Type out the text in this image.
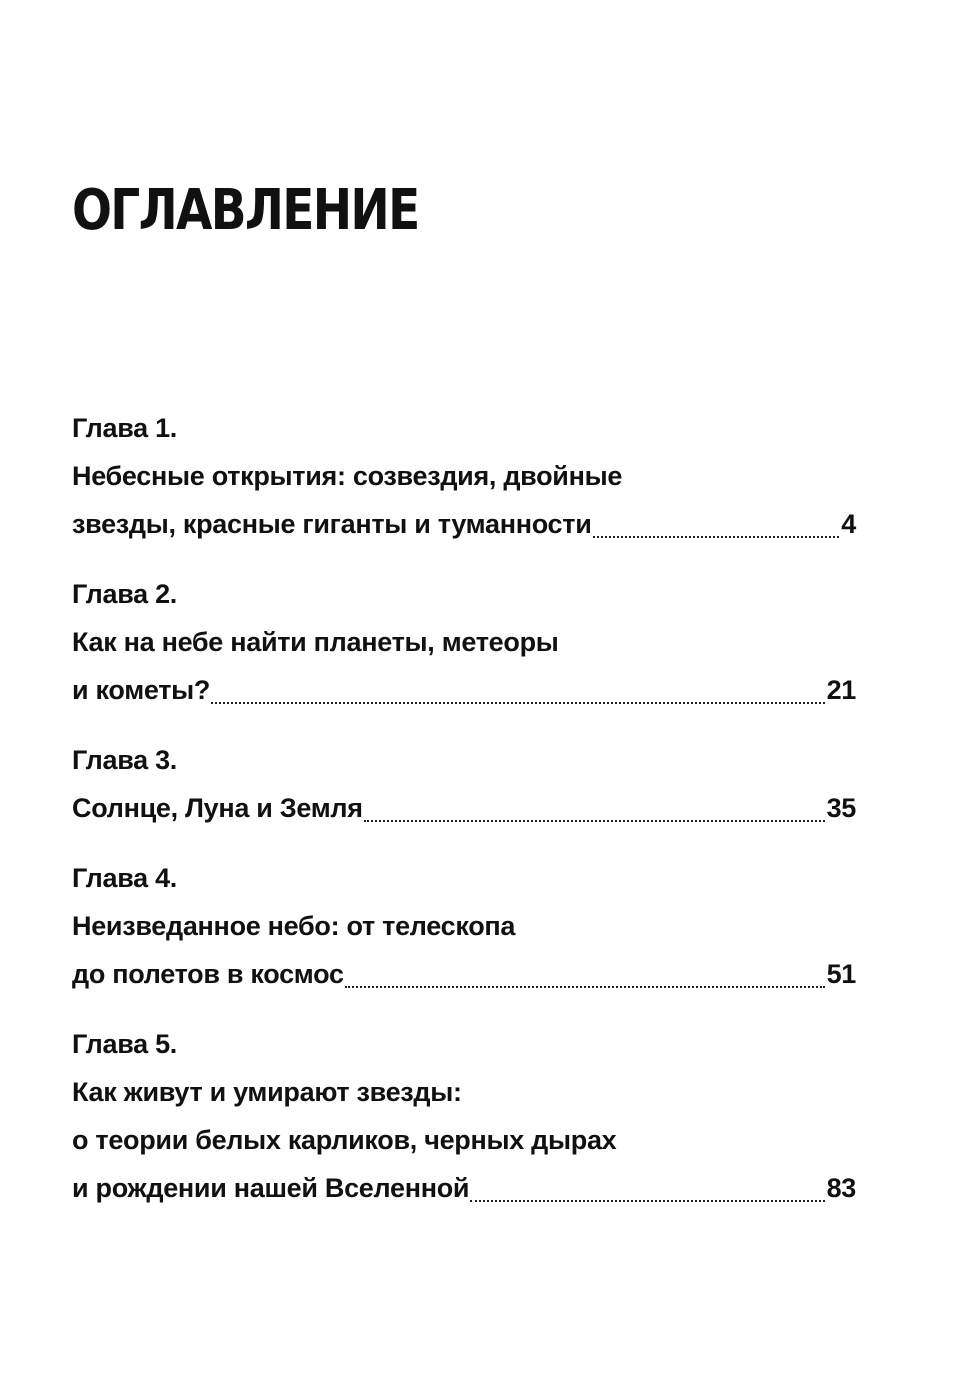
ОГЛАВЛЕНИЕ
Глава 1.
Небесные открытия: созвездия, двойные
звезды, красные гиганты и туманности	4
Глава 2.
Как на небе найти планеты, метеоры
и кометы?	21
Глава 3.
Солнце, Луна и Земля	35
Глава 4.
Неизведанное небо: от телескопа
до полетов в космос	51
Глава 5.
Как живут и умирают звезды:
о теории белых карликов, черных дырах
и рождении нашей Вселенной	83
